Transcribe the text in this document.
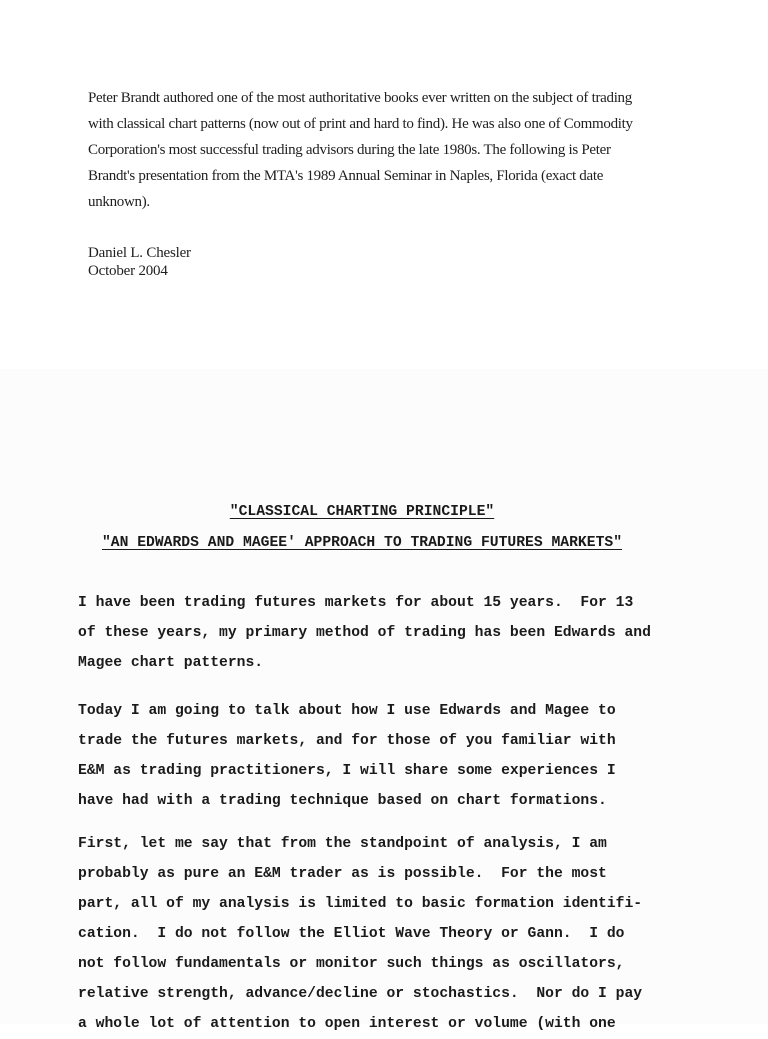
Peter Brandt authored one of the most authoritative books ever written on the subject of trading
with classical chart patterns (now out of print and hard to find). He was also one of Commodity
Corporation's most successful trading advisors during the late 1980s. The following is Peter
Brandt's presentation from the MTA's 1989 Annual Seminar in Naples, Florida (exact date
unknown).
Daniel L. Chesler
October 2004
"CLASSICAL CHARTING PRINCIPLE"
"AN EDWARDS AND MAGEE' APPROACH TO TRADING FUTURES MARKETS"
I have been trading futures markets for about 15 years.  For 13
of these years, my primary method of trading has been Edwards and
Magee chart patterns.
Today I am going to talk about how I use Edwards and Magee to
trade the futures markets, and for those of you familiar with
E&M as trading practitioners, I will share some experiences I
have had with a trading technique based on chart formations.
First, let me say that from the standpoint of analysis, I am
probably as pure an E&M trader as is possible.  For the most
part, all of my analysis is limited to basic formation identifi-
cation.  I do not follow the Elliot Wave Theory or Gann.  I do
not follow fundamentals or monitor such things as oscillators,
relative strength, advance/decline or stochastics.  Nor do I pay
a whole lot of attention to open interest or volume (with one
